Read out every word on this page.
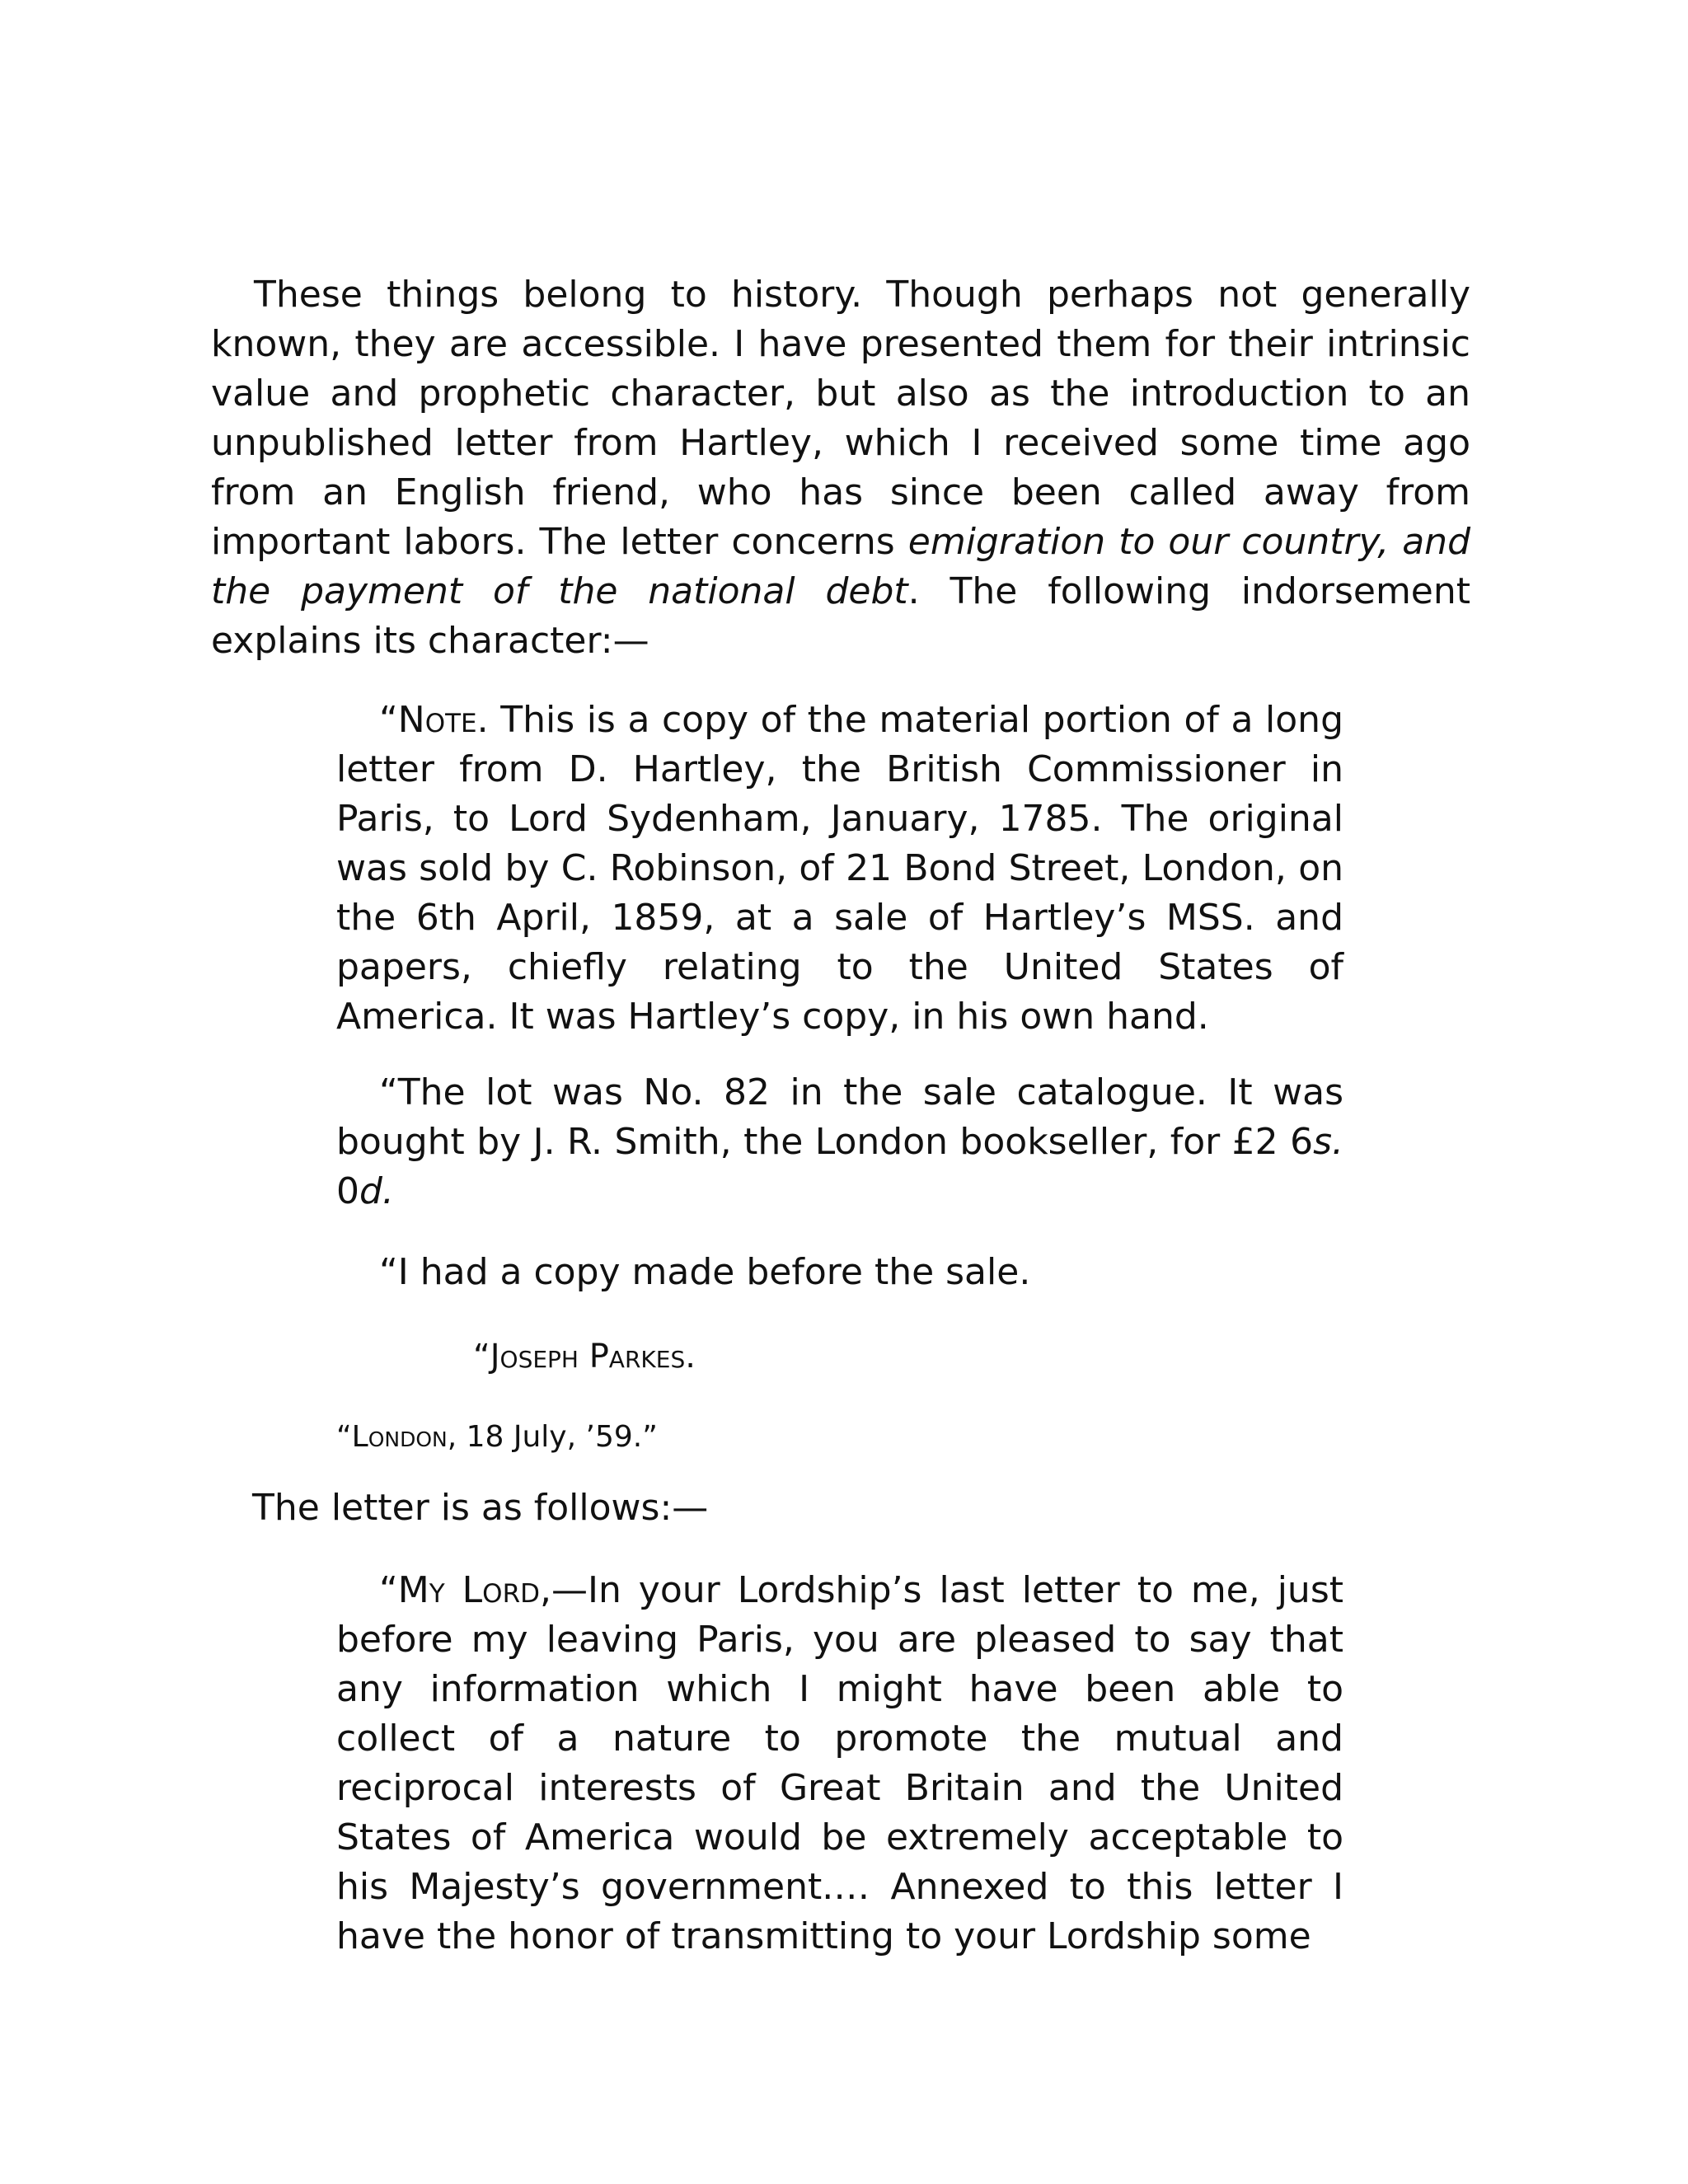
These things belong to history. Though perhaps not generally known, they are accessible. I have presented them for their intrinsic value and prophetic character, but also as the introduction to an unpublished letter from Hartley, which I received some time ago from an English friend, who has since been called away from important labors. The letter concerns emigration to our country, and the payment of the national debt. The following indorsement explains its character:—

“Note. This is a copy of the material portion of a long letter from D. Hartley, the British Commissioner in Paris, to Lord Sydenham, January, 1785. The original was sold by C. Robinson, of 21 Bond Street, London, on the 6th April, 1859, at a sale of Hartley’s MSS. and papers, chiefly relating to the United States of America. It was Hartley’s copy, in his own hand.

“The lot was No. 82 in the sale catalogue. It was bought by J. R. Smith, the London bookseller, for £2 6s. 0d.

“I had a copy made before the sale.

“Joseph Parkes.
“London, 18 July, ’59.”
The letter is as follows:—

“My Lord,—In your Lordship’s last letter to me, just before my leaving Paris, you are pleased to say that any information which I might have been able to collect of a nature to promote the mutual and reciprocal interests of Great Britain and the United States of America would be extremely acceptable to his Majesty’s government.… Annexed to this letter I have the honor of transmitting to your Lordship some
